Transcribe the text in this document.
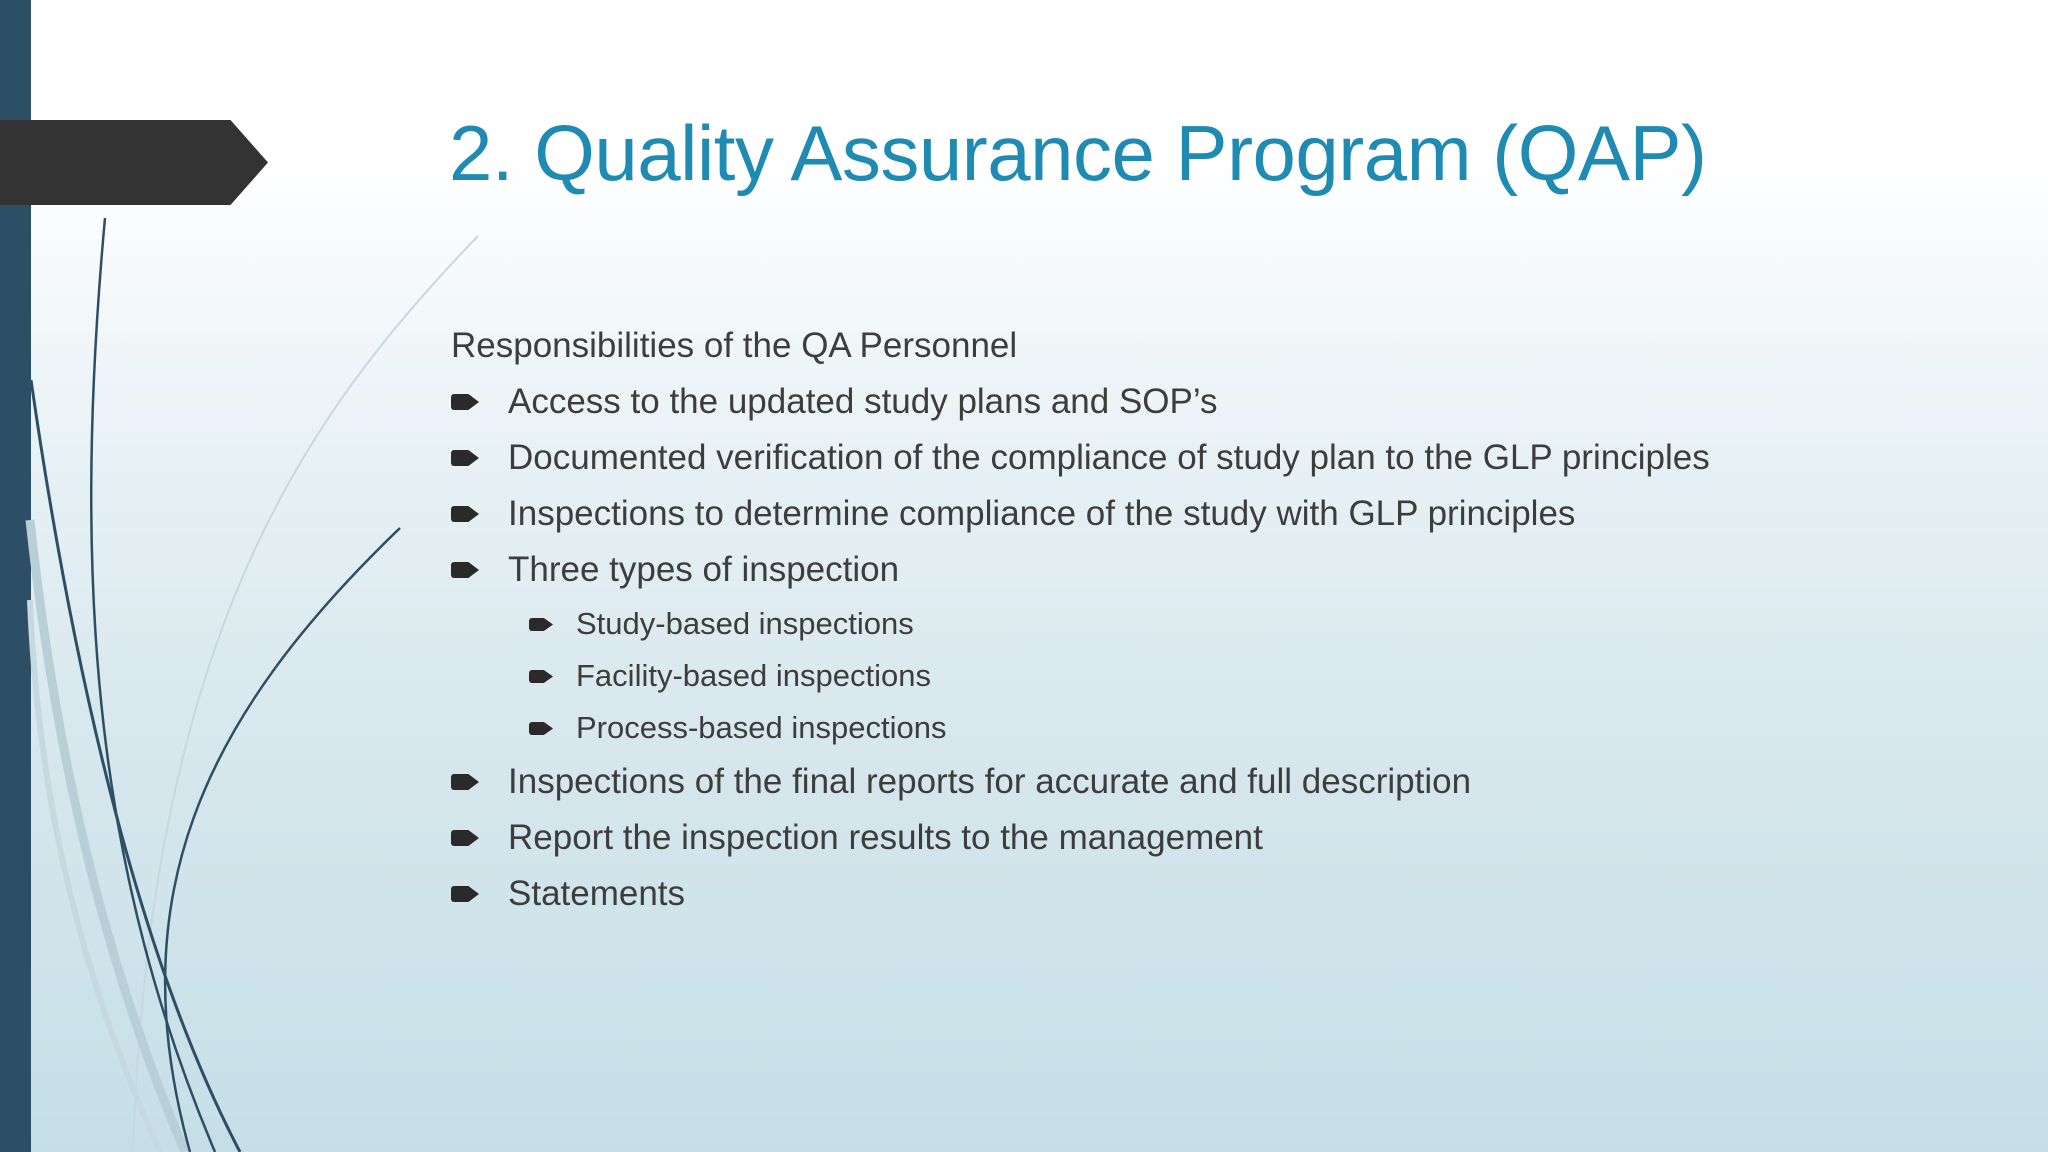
2. Quality Assurance Program (QAP)
Responsibilities of the QA Personnel
Access to the updated study plans and SOP’s
Documented verification of the compliance of study plan to the GLP principles
Inspections to determine compliance of the study with GLP principles
Three types of inspection
Study-based inspections
Facility-based inspections
Process-based inspections
Inspections of the final reports for accurate and full description
Report the inspection results to the management
Statements
